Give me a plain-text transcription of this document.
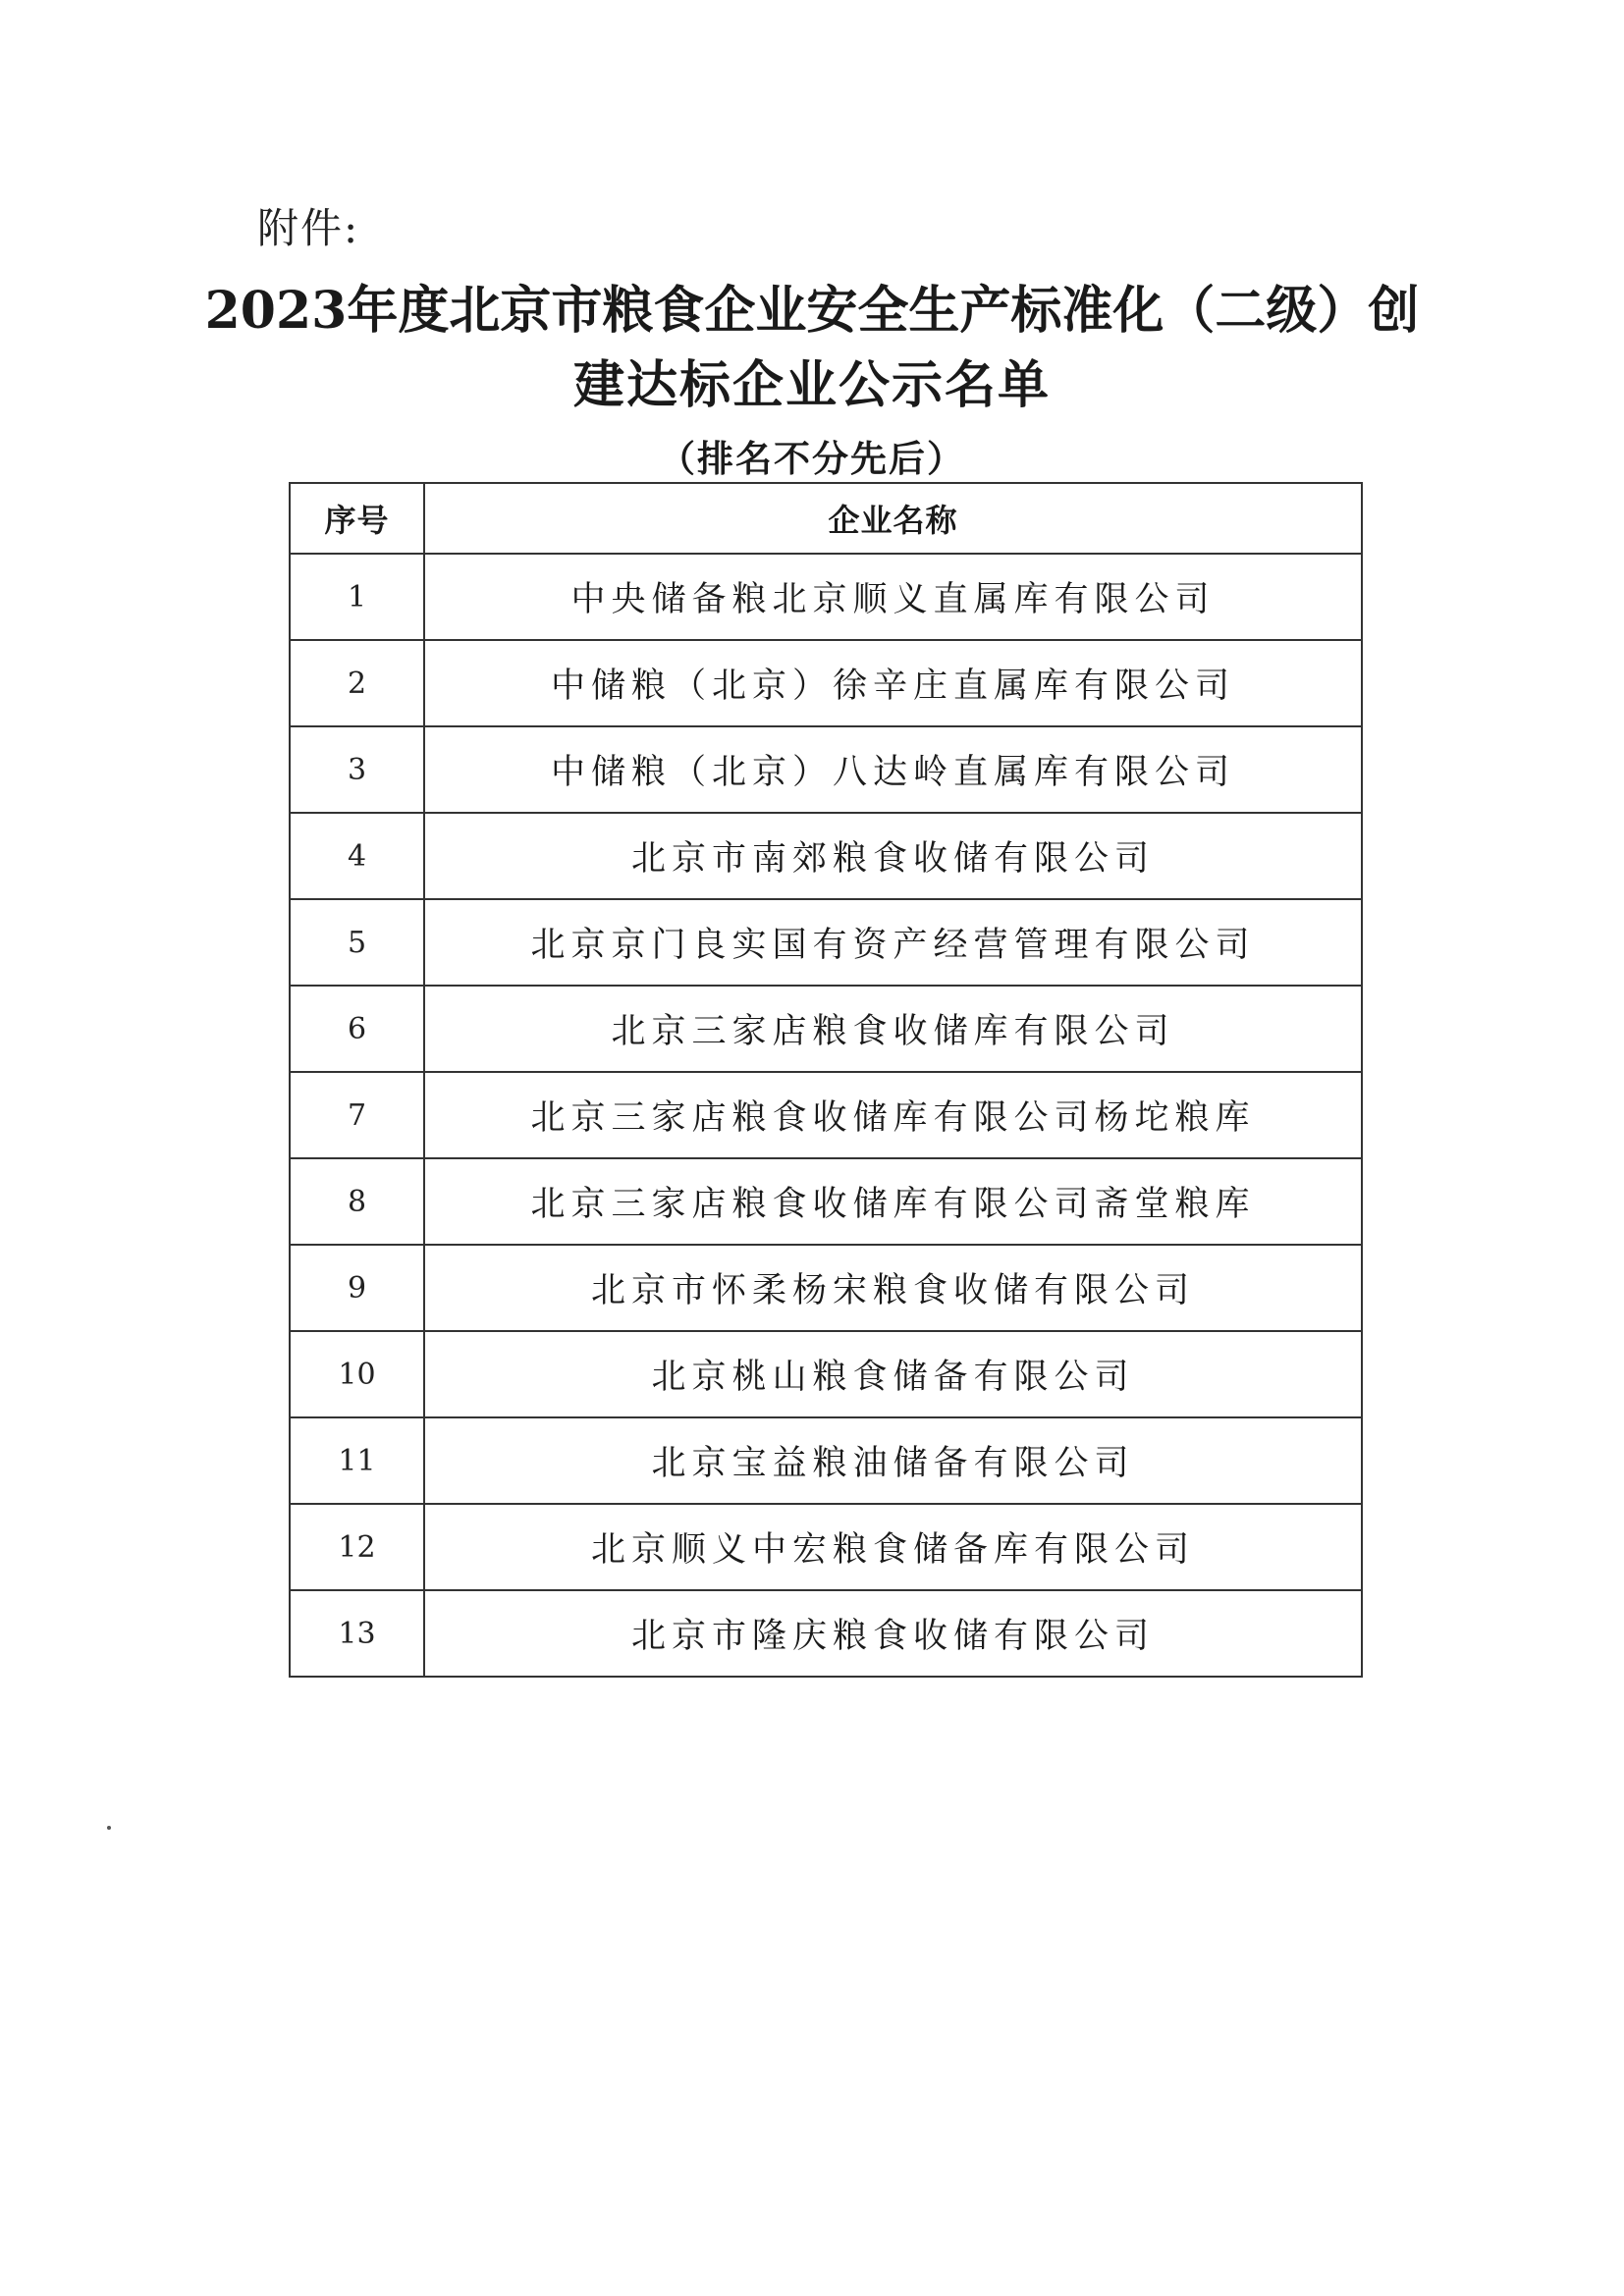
附件:
2023年度北京市粮食企业安全生产标准化（二级）创
建达标企业公示名单
（排名不分先后）
序号	企业名称
1	中央储备粮北京顺义直属库有限公司
2	中储粮（北京）徐辛庄直属库有限公司
3	中储粮（北京）八达岭直属库有限公司
4	北京市南郊粮食收储有限公司
5	北京京门良实国有资产经营管理有限公司
6	北京三家店粮食收储库有限公司
7	北京三家店粮食收储库有限公司杨坨粮库
8	北京三家店粮食收储库有限公司斋堂粮库
9	北京市怀柔杨宋粮食收储有限公司
10	北京桃山粮食储备有限公司
11	北京宝益粮油储备有限公司
12	北京顺义中宏粮食储备库有限公司
13	北京市隆庆粮食收储有限公司
